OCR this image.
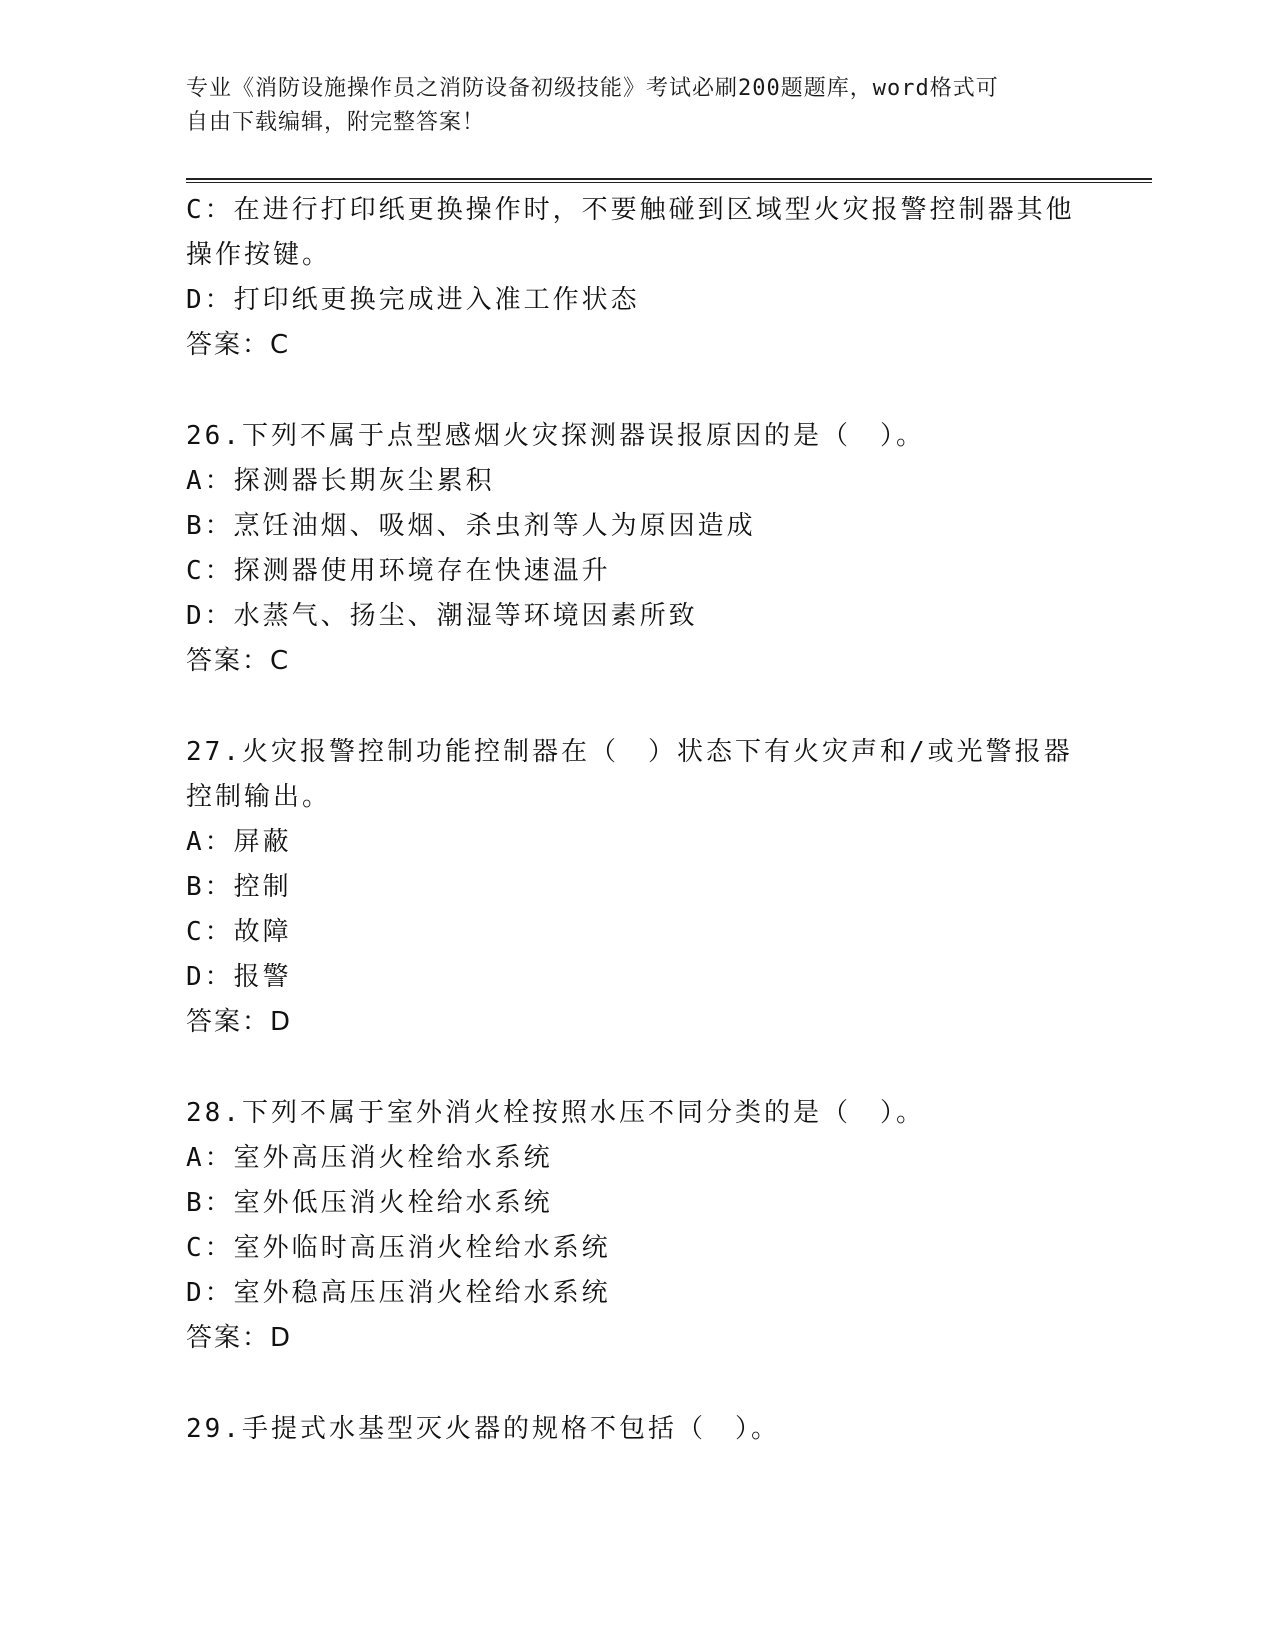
专业《消防设施操作员之消防设备初级技能》考试必刷200题题库，word格式可
自由下载编辑，附完整答案！
C：在进行打印纸更换操作时，不要触碰到区域型火灾报警控制器其他
操作按键。
D：打印纸更换完成进入准工作状态
答案：C
26.下列不属于点型感烟火灾探测器误报原因的是（　）。
A：探测器长期灰尘累积
B：烹饪油烟、吸烟、杀虫剂等人为原因造成
C：探测器使用环境存在快速温升
D：水蒸气、扬尘、潮湿等环境因素所致
答案：C
27.火灾报警控制功能控制器在（　）状态下有火灾声和/或光警报器
控制输出。
A：屏蔽
B：控制
C：故障
D：报警
答案：D
28.下列不属于室外消火栓按照水压不同分类的是（　）。
A：室外高压消火栓给水系统
B：室外低压消火栓给水系统
C：室外临时高压消火栓给水系统
D：室外稳高压压消火栓给水系统
答案：D
29.手提式水基型灭火器的规格不包括（　）。
